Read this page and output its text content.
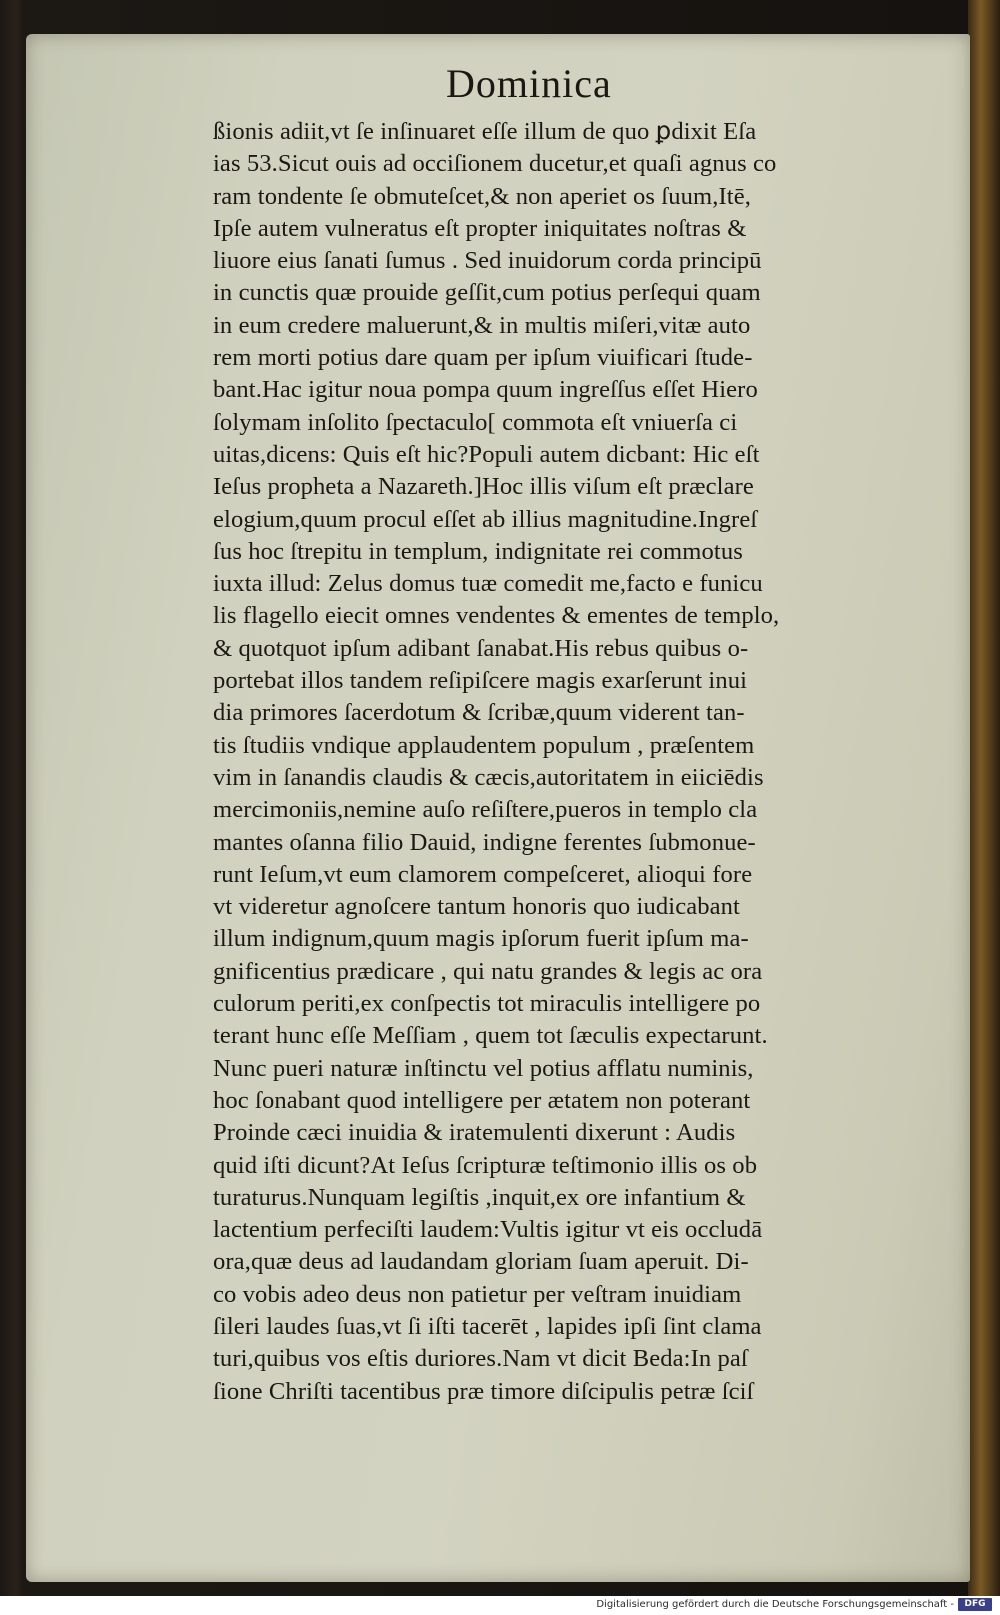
Dominica
ßionis adiit,vt ſe inſinuaret eſſe illum de quo ꝑdixit Eſa
ias 53.Sicut ouis ad occiſionem ducetur,et quaſi agnus co
ram tondente ſe obmuteſcet,& non aperiet os ſuum,Itē,
Ipſe autem vulneratus eſt propter iniquitates noſtras &
liuore eius ſanati ſumus . Sed inuidorum corda principū
in cunctis quæ prouide geſſit,cum potius perſequi quam
in eum credere maluerunt,& in multis miſeri,vitæ auto
rem morti potius dare quam per ipſum viuificari ſtude-
bant.Hac igitur noua pompa quum ingreſſus eſſet Hiero
ſolymam inſolito ſpectaculo[ commota eſt vniuerſa ci
uitas,dicens: Quis eſt hic?Populi autem dicbant: Hic eſt
Ieſus propheta a Nazareth.]Hoc illis viſum eſt præclare
elogium,quum procul eſſet ab illius magnitudine.Ingreſ
ſus hoc ſtrepitu in templum, indignitate rei commotus
iuxta illud: Zelus domus tuæ comedit me,facto e funicu
lis flagello eiecit omnes vendentes & ementes de templo,
& quotquot ipſum adibant ſanabat.His rebus quibus o-
portebat illos tandem reſipiſcere magis exarſerunt inui
dia primores ſacerdotum & ſcribæ,quum viderent tan-
tis ſtudiis vndique applaudentem populum , præſentem
vim in ſanandis claudis & cæcis,autoritatem in eiiciēdis
mercimoniis,nemine auſo reſiſtere,pueros in templo cla
mantes oſanna filio Dauid, indigne ferentes ſubmonue-
runt Ieſum,vt eum clamorem compeſceret, alioqui fore
vt videretur agnoſcere tantum honoris quo iudicabant
illum indignum,quum magis ipſorum fuerit ipſum ma-
gnificentius prædicare , qui natu grandes & legis ac ora
culorum periti,ex conſpectis tot miraculis intelligere po
terant hunc eſſe Meſſiam , quem tot ſæculis expectarunt.
Nunc pueri naturæ inſtinctu vel potius afflatu numinis,
hoc ſonabant quod intelligere per ætatem non poterant
Proinde cæci inuidia & iratemulenti dixerunt : Audis
quid iſti dicunt?At Ieſus ſcripturæ teſtimonio illis os ob
turaturus.Nunquam legiſtis ,inquit,ex ore infantium &
lactentium perfeciſti laudem:Vultis igitur vt eis occludā
ora,quæ deus ad laudandam gloriam ſuam aperuit. Di-
co vobis adeo deus non patietur per veſtram inuidiam
ſileri laudes ſuas,vt ſi iſti tacerēt , lapides ipſi ſint clama
turi,quibus vos eſtis duriores.Nam vt dicit Beda:In paſ
ſione Chriſti tacentibus præ timore diſcipulis petræ ſciſ
Digitalisierung gefördert durch die Deutsche Forschungsgemeinschaft -	DFG
